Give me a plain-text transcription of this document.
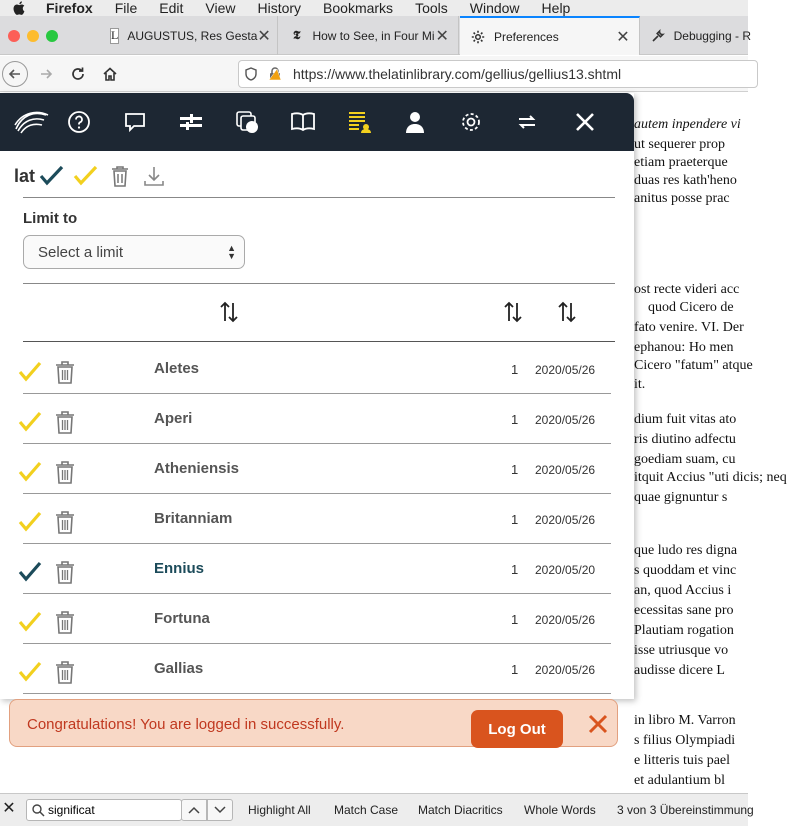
Firefox File Edit View History Bookmarks Tools Window Help
L AUGUSTUS, Res Gesta ✕	𝕿	How to See, in Four Mi ✕	Preferences	✕	Debugging - R
https://www.thelatinlibrary.com/gellius/gellius13.shtml

autem inpendere vi
ut sequerer prop
etiam praeterque
duas res kath'heno
anitus posse prac
ost recte videri acc
quod Cicero de
fato venire. VI. Der
ephanou: Ho men
Cicero "fatum" atque
it.
dium fuit vitas ato
ris diutino adfectu
goediam suam, cu
itquit Accius "uti dicis; neq
quae gignuntur s
que ludo res digna
s quoddam et vinc
an, quod Accius i
ecessitas sane pro
Plautiam rogation
isse utriusque vo
audisse dicere L
in libro M. Varron
s filius Olympiadi
e litteris tuis pael
et adulantium bl
lat
Limit to
Select a limit	▲
▼
Aletes	1 2020/05/26
Aperi	1 2020/05/26
Atheniensis	1 2020/05/26
Britanniam	1 2020/05/26
Ennius	1 2020/05/20
Fortuna	1 2020/05/26
Gallias	1 2020/05/26
Congratulations! You are logged in successfully.	Log Out
✕
significat	Highlight All Match Case Match Diacritics Whole Words 3 von 3 Übereinstimmung
